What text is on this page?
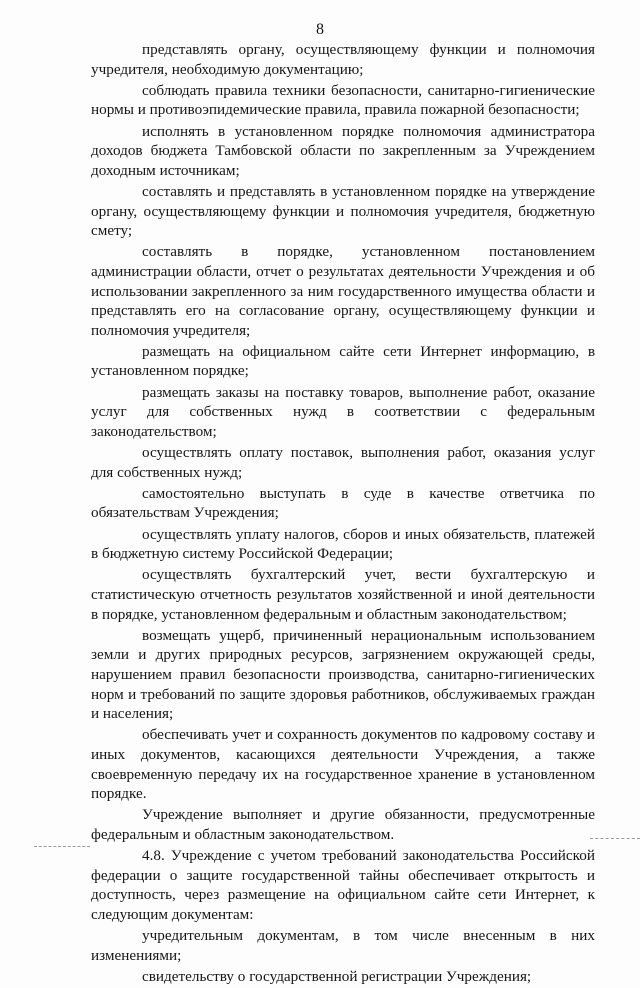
8

представлять органу, осуществляющему функции и полномочия учредителя, необходимую документацию;

соблюдать правила техники безопасности, санитарно-гигиенические нормы и противоэпидемические правила, правила пожарной безопасности;

исполнять в установленном порядке полномочия администратора доходов бюджета Тамбовской области по закрепленным за Учреждением доходным источникам;

составлять и представлять в установленном порядке на утверждение органу, осуществляющему функции и полномочия учредителя, бюджетную смету;

составлять в порядке, установленном постановлением администрации области, отчет о результатах деятельности Учреждения и об использовании закрепленного за ним государственного имущества области и представлять его на согласование органу, осуществляющему функции и полномочия учредителя;

размещать на официальном сайте сети Интернет информацию, в установленном порядке;

размещать заказы на поставку товаров, выполнение работ, оказание услуг для собственных нужд в соответствии с федеральным законодательством;

осуществлять оплату поставок, выполнения работ, оказания услуг для собственных нужд;

самостоятельно выступать в суде в качестве ответчика по обязательствам Учреждения;

осуществлять уплату налогов, сборов и иных обязательств, платежей в бюджетную систему Российской Федерации;

осуществлять бухгалтерский учет, вести бухгалтерскую и статистическую отчетность результатов хозяйственной и иной деятельности в порядке, установленном федеральным и областным законодательством;

возмещать ущерб, причиненный нерациональным использованием земли и других природных ресурсов, загрязнением окружающей среды, нарушением правил безопасности производства, санитарно-гигиенических норм и требований по защите здоровья работников, обслуживаемых граждан и населения;

обеспечивать учет и сохранность документов по кадровому составу и иных документов, касающихся деятельности Учреждения, а также своевременную передачу их на государственное хранение в установленном порядке.

Учреждение выполняет и другие обязанности, предусмотренные федеральным и областным законодательством.

4.8. Учреждение с учетом требований законодательства Российской федерации о защите государственной тайны обеспечивает открытость и доступность, через размещение на официальном сайте сети Интернет, к следующим документам:

учредительным документам, в том числе внесенным в них изменениями;

свидетельству о государственной регистрации Учреждения;
